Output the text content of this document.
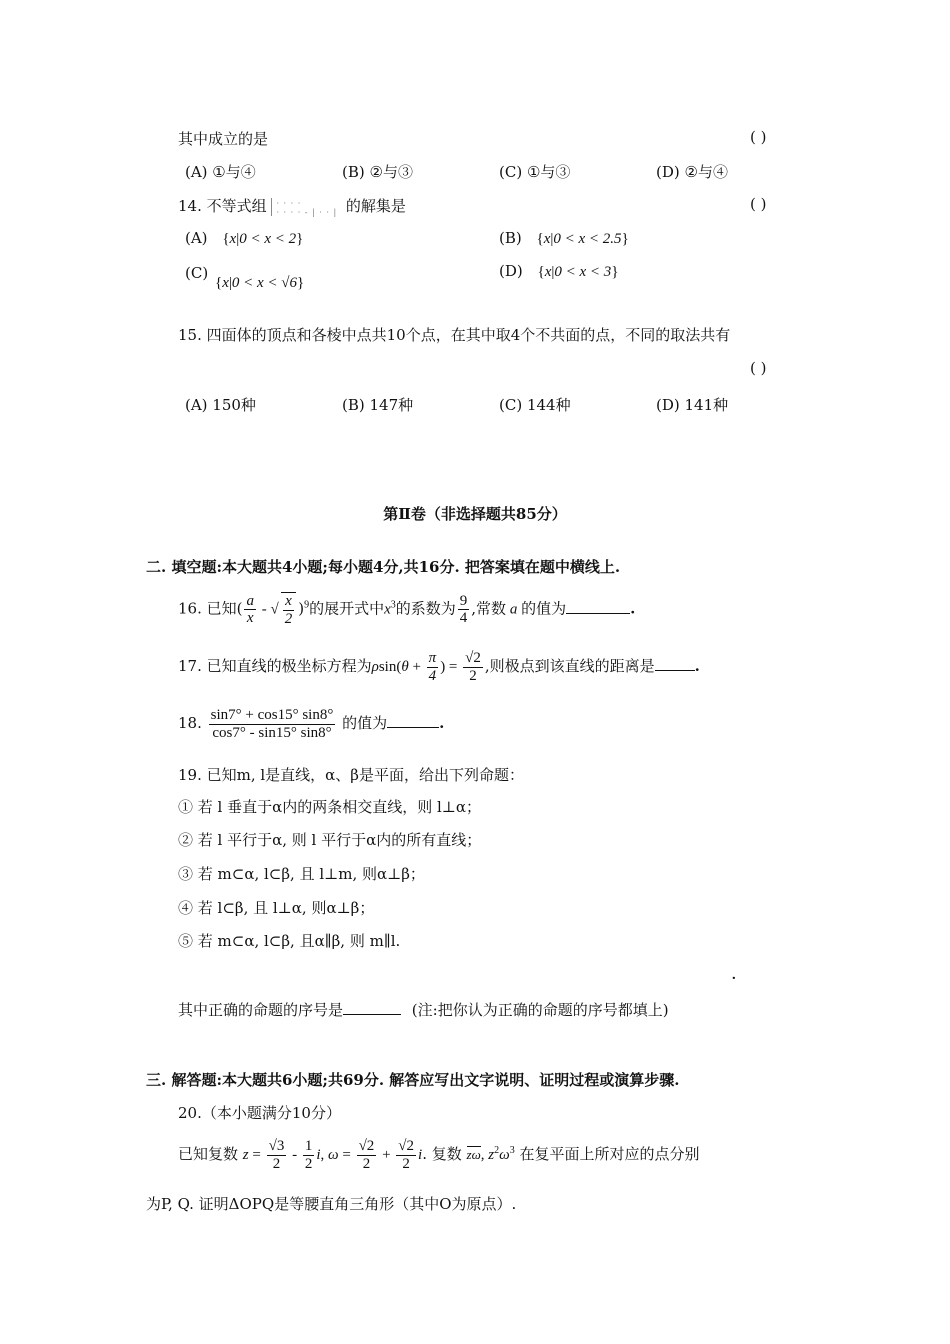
其中成立的是	( )
(A) ①与④	(B) ②与③	(C) ①与③	(D) ②与④
14. 不等式组 · · · ·
· · · · - | · · | 的解集是	( )
(A) {x|0 < x < 2}	(B) {x|0 < x < 2.5}
(C)
{x|0 < x < √6}
(D) {x|0 < x < 3}
15. 四面体的顶点和各棱中点共10个点，在其中取4个不共面的点，不同的取法共有
( )
(A) 150种	(B) 147种	(C) 144种	(D) 141种
第Ⅱ卷（非选择题共85分）
二. 填空题:本大题共4小题;每小题4分,共16分. 把答案填在题中横线上.
16. 已知( $\frac{a}{x}$ - √ $\frac{x}{2} )^9$的展开式中$x^3$的系数为 $\frac{9}{4}$ ,常数 a 的值为	.
17. 已知直线的极坐标方程为$\rho\sin(\theta + \frac{\pi}{4}$ ) = $\frac{√2}{2}$ ,则极点到该直线的距离是	.
18. $\frac{\sin 7^\circ + \cos 15^\circ \sin 8^\circ}{\cos 7^\circ - \sin 15^\circ \sin 8^\circ}$ 的值为	.
19. 已知m, l是直线，α、β是平面，给出下列命题：
① 若 l 垂直于α内的两条相交直线，则 l⊥α；
② 若 l 平行于α, 则 l 平行于α内的所有直线；
③ 若 m⊂α, l⊂β, 且 l⊥m, 则α⊥β；
④ 若 l⊂β, 且 l⊥α, 则α⊥β；
⑤ 若 m⊂α, l⊂β, 且α∥β, 则 m∥l.
·
其中正确的命题的序号是	(注:把你认为正确的命题的序号都填上)
三. 解答题:本大题共6小题;共69分. 解答应写出文字说明、证明过程或演算步骤.
20.（本小题满分10分）
已知复数 $z = \frac{√3}{2} - \frac{1}{2} i$, $\omega = \frac{√2}{2} + \frac{√2}{2} i$. 复数 zω, $z^2\omega^3$ 在复平面上所对应的点分别
为P, Q. 证明ΔOPQ是等腰直角三角形（其中O为原点）.
